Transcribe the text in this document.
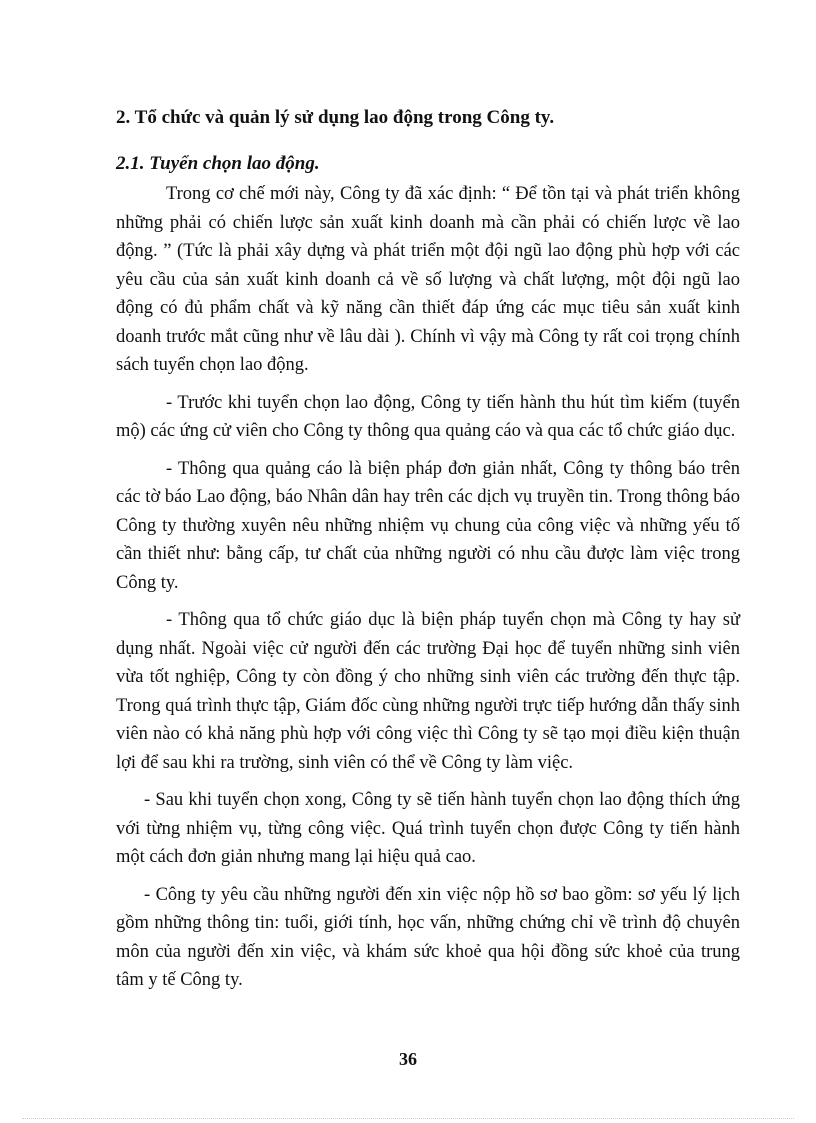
2. Tổ chức và quản lý sử dụng lao động trong Công ty.
2.1. Tuyển chọn lao động.

Trong cơ chế mới này, Công ty đã xác định: “ Để tồn tại và phát triển không những phải có chiến lược sản xuất kinh doanh mà cần phải có chiến lược về lao động. ” (Tức là phải xây dựng và phát triển một đội ngũ lao động phù hợp với các yêu cầu của sản xuất kinh doanh cả về số lượng và chất lượng, một đội ngũ lao động có đủ phẩm chất và kỹ năng cần thiết đáp ứng các mục tiêu sản xuất kinh doanh trước mắt cũng như về lâu dài ). Chính vì vậy mà Công ty rất coi trọng chính sách tuyển chọn lao động.

- Trước khi tuyển chọn lao động, Công ty tiến hành thu hút tìm kiếm (tuyển mộ) các ứng cử viên cho Công ty thông qua quảng cáo và qua các tổ chức giáo dục.

- Thông qua quảng cáo là biện pháp đơn giản nhất, Công ty thông báo trên các tờ báo Lao động, báo Nhân dân hay trên các dịch vụ truyền tin. Trong thông báo Công ty thường xuyên nêu những nhiệm vụ chung của công việc và những yếu tố cần thiết như: bằng cấp, tư chất của những người có nhu cầu được làm việc trong Công ty.

- Thông qua tổ chức giáo dục là biện pháp tuyển chọn mà Công ty hay sử dụng nhất. Ngoài việc cử người đến các trường Đại học để tuyển những sinh viên vừa tốt nghiệp, Công ty còn đồng ý cho những sinh viên các trường đến thực tập. Trong quá trình thực tập, Giám đốc cùng những người trực tiếp hướng dẫn thấy sinh viên nào có khả năng phù hợp với công việc thì Công ty sẽ tạo mọi điều kiện thuận lợi để sau khi ra trường, sinh viên có thể về Công ty làm việc.

- Sau khi tuyển chọn xong, Công ty sẽ tiến hành tuyển chọn lao động thích ứng với từng nhiệm vụ, từng công việc. Quá trình tuyển chọn được Công ty tiến hành một cách đơn giản nhưng mang lại hiệu quả cao.

- Công ty yêu cầu những người đến xin việc nộp hồ sơ bao gồm: sơ yếu lý lịch gồm những thông tin: tuổi, giới tính, học vấn, những chứng chỉ về trình độ chuyên môn của người đến xin việc, và khám sức khoẻ qua hội đồng sức khoẻ của trung tâm y tế Công ty.

36
